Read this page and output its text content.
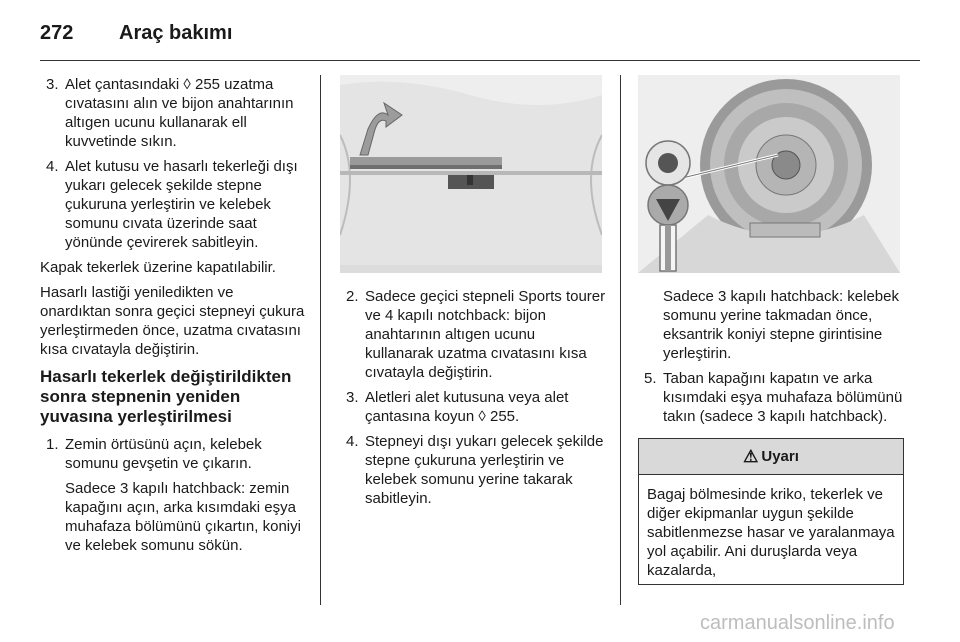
272 Araç bakımı
3. Alet çantasındaki ◊ 255 uzatma cıvatasını alın ve bijon anahtarının altıgen ucunu kullanarak ell kuvvetinde sıkın.
4. Alet kutusu ve hasarlı tekerleği dışı yukarı gelecek şekilde stepne çukuruna yerleştirin ve kelebek somunu cıvata üzerinde saat yönünde çevirerek sabitleyin.
Kapak tekerlek üzerine kapatılabilir.
Hasarlı lastiği yeniledikten ve onardıktan sonra geçici stepneyi çukura yerleştirmeden önce, uzatma cıvatasını kısa cıvatayla değiştirin.
Hasarlı tekerlek değiştirildikten sonra stepnenin yeniden yuvasına yerleştirilmesi
1. Zemin örtüsünü açın, kelebek somunu gevşetin ve çıkarın.
Sadece 3 kapılı hatchback: zemin kapağını açın, arka kısımdaki eşya muhafaza bölümünü çıkartın, koniyi ve kelebek somunu sökün.
2. Sadece geçici stepneli Sports tourer ve 4 kapılı notchback: bijon anahtarının altıgen ucunu kullanarak uzatma cıvatasını kısa cıvatayla değiştirin.
3. Aletleri alet kutusuna veya alet çantasına koyun ◊ 255.
4. Stepneyi dışı yukarı gelecek şekilde stepne çukuruna yerleştirin ve kelebek somunu yerine takarak sabitleyin.
Sadece 3 kapılı hatchback: kelebek somunu yerine takmadan önce, eksantrik koniyi stepne girintisine yerleştirin.
5. Taban kapağını kapatın ve arka kısımdaki eşya muhafaza bölümünü takın (sadece 3 kapılı hatchback).
⚠ Uyarı
Bagaj bölmesinde kriko, tekerlek ve diğer ekipmanlar uygun şekilde sabitlenmezse hasar ve yaralanmaya yol açabilir. Ani duruşlarda veya kazalarda,
carmanualsonline.info
